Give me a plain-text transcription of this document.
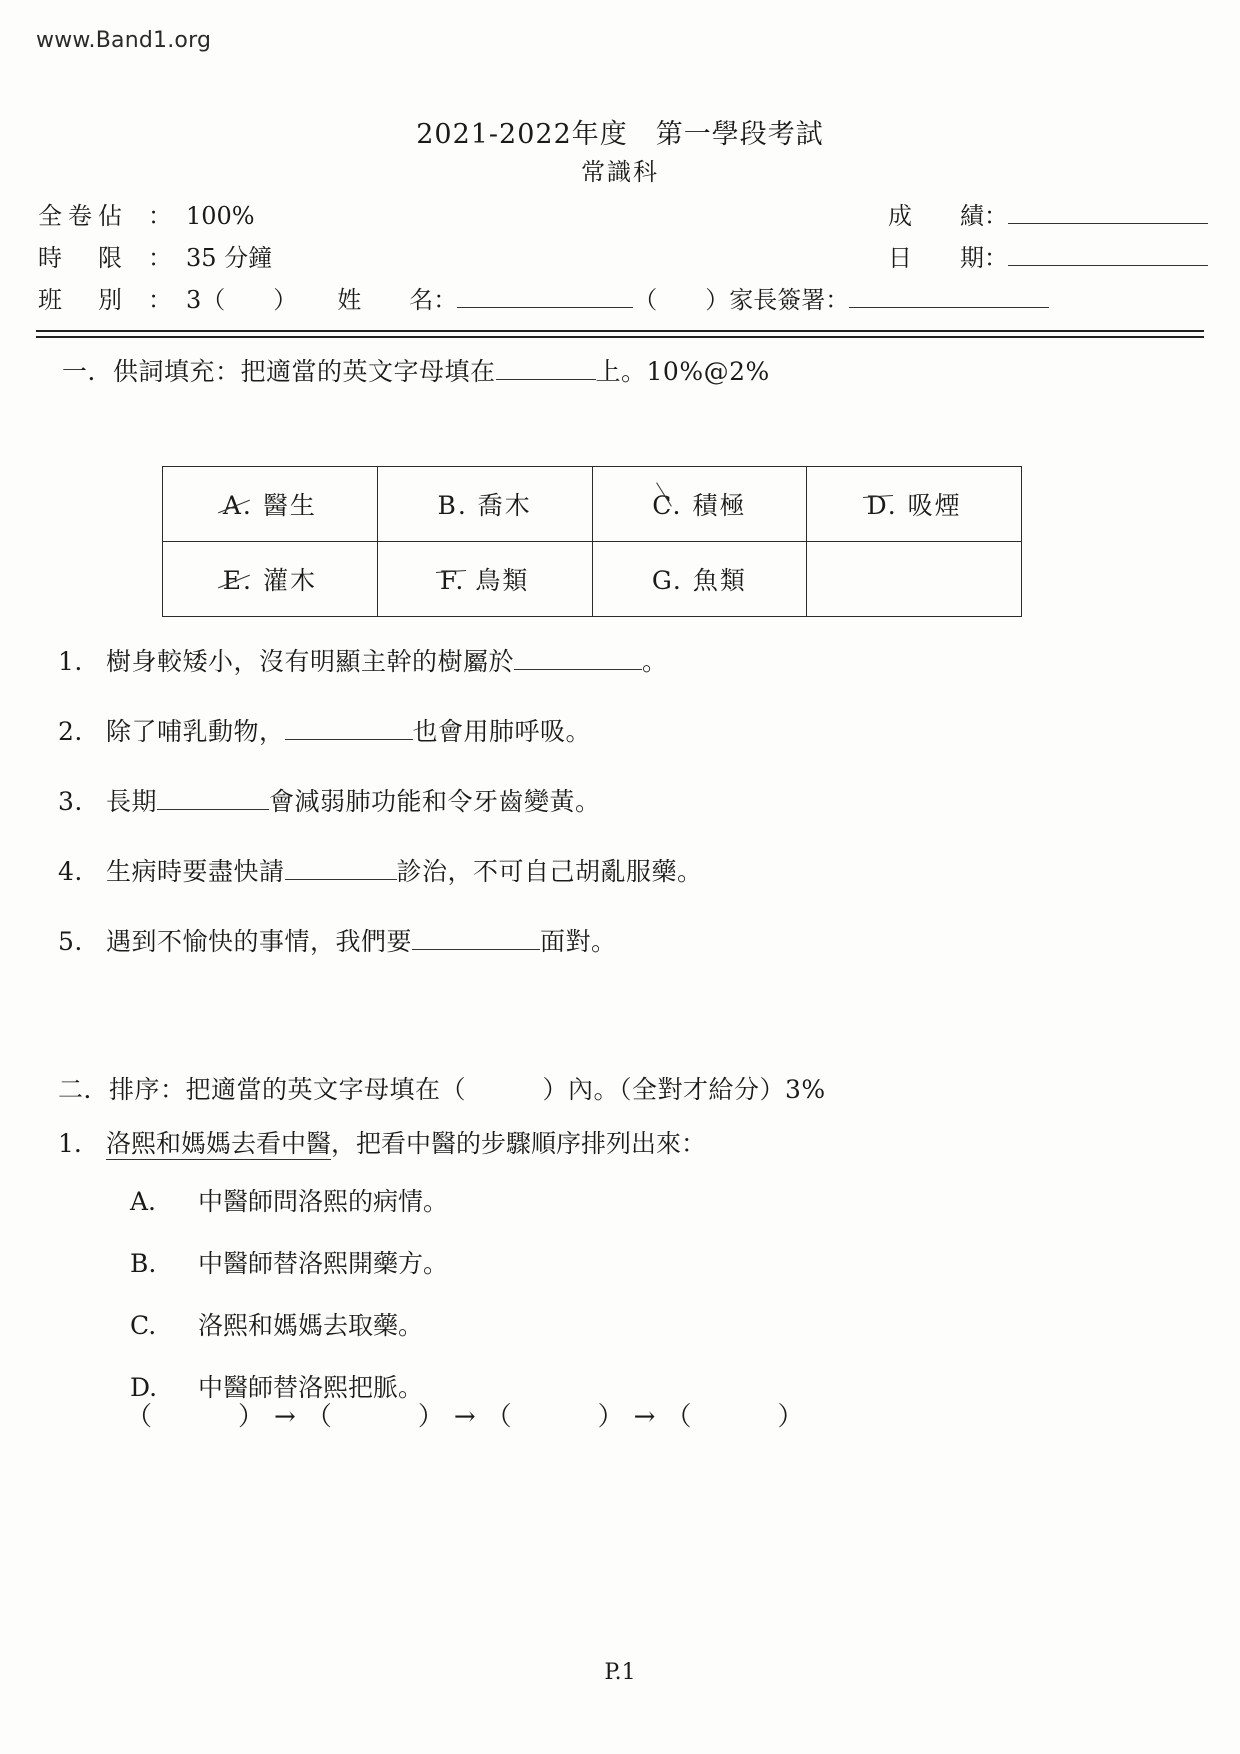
www.Band1.org
2021-2022年度　第一學段考試
常識科
全卷佔 ： 100%	成　　績：
時　限 ： 35 分鐘	日　　期：
班　別 ： 3（　　） 姓　　名：	（　　） 家長簽署：
一．供詞填充：把適當的英文字母填在	上。10%@2%
A. 醫生	B. 喬木	C. 積極	D. 吸煙
E. 灌木	F. 鳥類	G. 魚類	
1. 樹身較矮小，沒有明顯主幹的樹屬於	。
2. 除了哺乳動物，	也會用肺呼吸。
3. 長期	會減弱肺功能和令牙齒變黃。
4. 生病時要盡快請	診治，不可自己胡亂服藥。
5. 遇到不愉快的事情，我們要	面對。
二．排序：把適當的英文字母填在（　　　）內。（全對才給分）3%
1. 洛熙和媽媽去看中醫，把看中醫的步驟順序排列出來：
A.	中醫師問洛熙的病情。
B.	中醫師替洛熙開藥方。
C.	洛熙和媽媽去取藥。
D.	中醫師替洛熙把脈。
（　　　） → （　　　） → （　　　） → （　　　）
P.1
